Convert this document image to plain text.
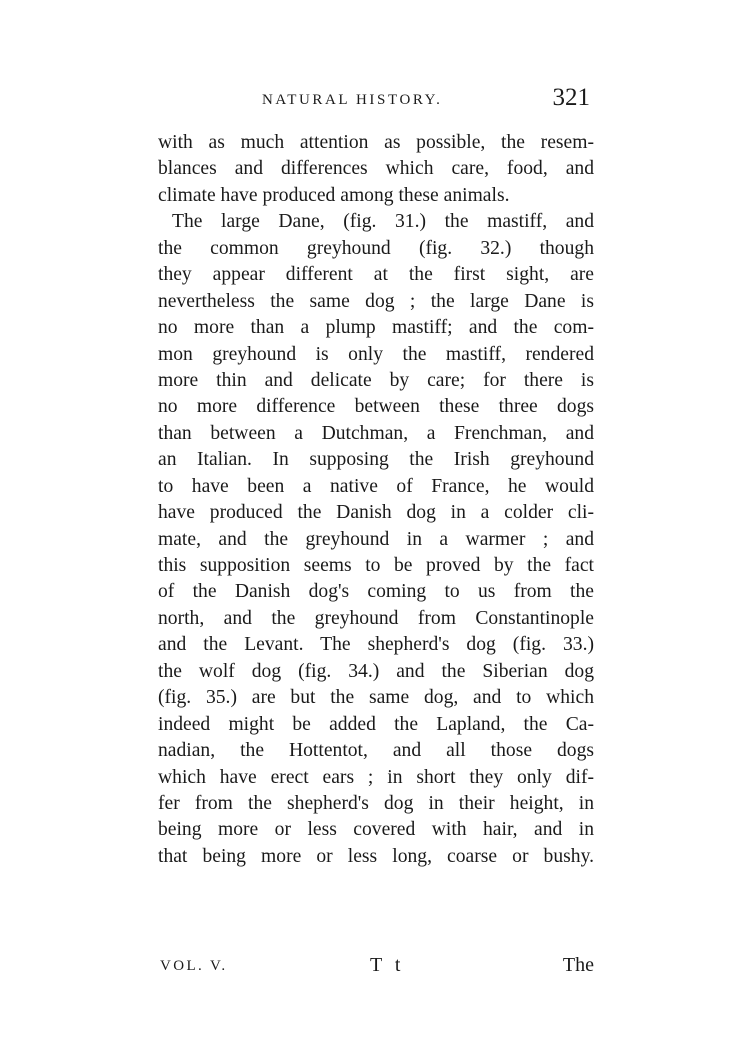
NATURAL HISTORY.	321
with as much attention as possible, the resem-
blances and differences which care, food, and
climate have produced among these animals.
The large Dane, (fig. 31.) the mastiff, and
the common greyhound (fig. 32.) though
they appear different at the first sight, are
nevertheless the same dog ; the large Dane is
no more than a plump mastiff; and the com-
mon greyhound is only the mastiff, rendered
more thin and delicate by care; for there is
no more difference between these three dogs
than between a Dutchman, a Frenchman, and
an Italian. In supposing the Irish greyhound
to have been a native of France, he would
have produced the Danish dog in a colder cli-
mate, and the greyhound in a warmer ; and
this supposition seems to be proved by the fact
of the Danish dog's coming to us from the
north, and the greyhound from Constantinople
and the Levant. The shepherd's dog (fig. 33.)
the wolf dog (fig. 34.) and the Siberian dog
(fig. 35.) are but the same dog, and to which
indeed might be added the Lapland, the Ca-
nadian, the Hottentot, and all those dogs
which have erect ears ; in short they only dif-
fer from the shepherd's dog in their height, in
being more or less covered with hair, and in
that being more or less long, coarse or bushy.
VOL. V.	T t	The
